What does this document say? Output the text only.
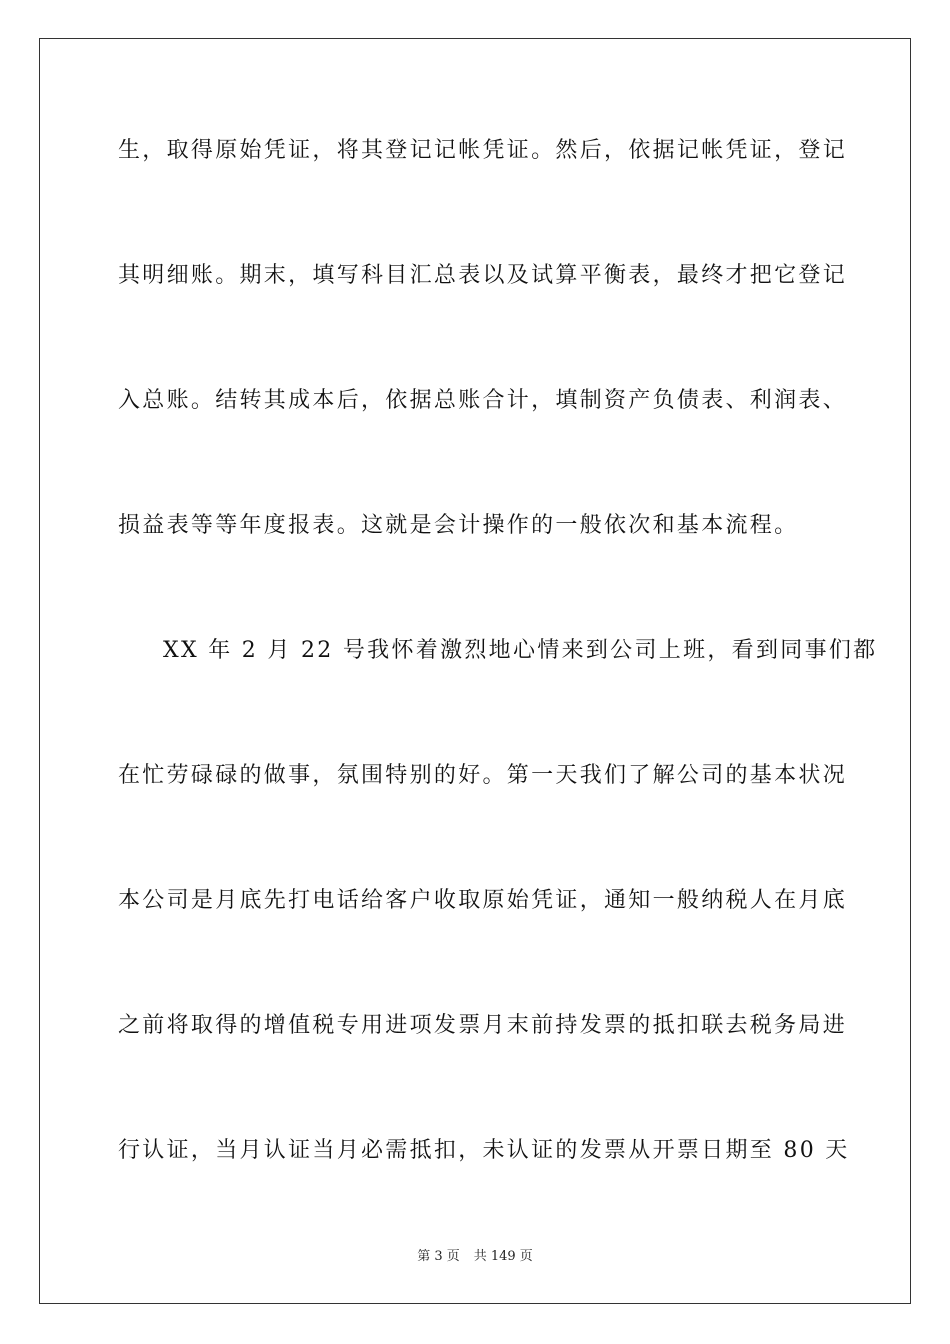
生，取得原始凭证，将其登记记帐凭证。然后，依据记帐凭证，登记
其明细账。期末，填写科目汇总表以及试算平衡表，最终才把它登记
入总账。结转其成本后，依据总账合计，填制资产负债表、利润表、
损益表等等年度报表。这就是会计操作的一般依次和基本流程。
XX 年 2 月 22 号我怀着激烈地心情来到公司上班，看到同事们都
在忙劳碌碌的做事，氛围特别的好。第一天我们了解公司的基本状况
本公司是月底先打电话给客户收取原始凭证，通知一般纳税人在月底
之前将取得的增值税专用进项发票月末前持发票的抵扣联去税务局进
行认证，当月认证当月必需抵扣，未认证的发票从开票日期至 80 天
第 3 页 共 149 页
